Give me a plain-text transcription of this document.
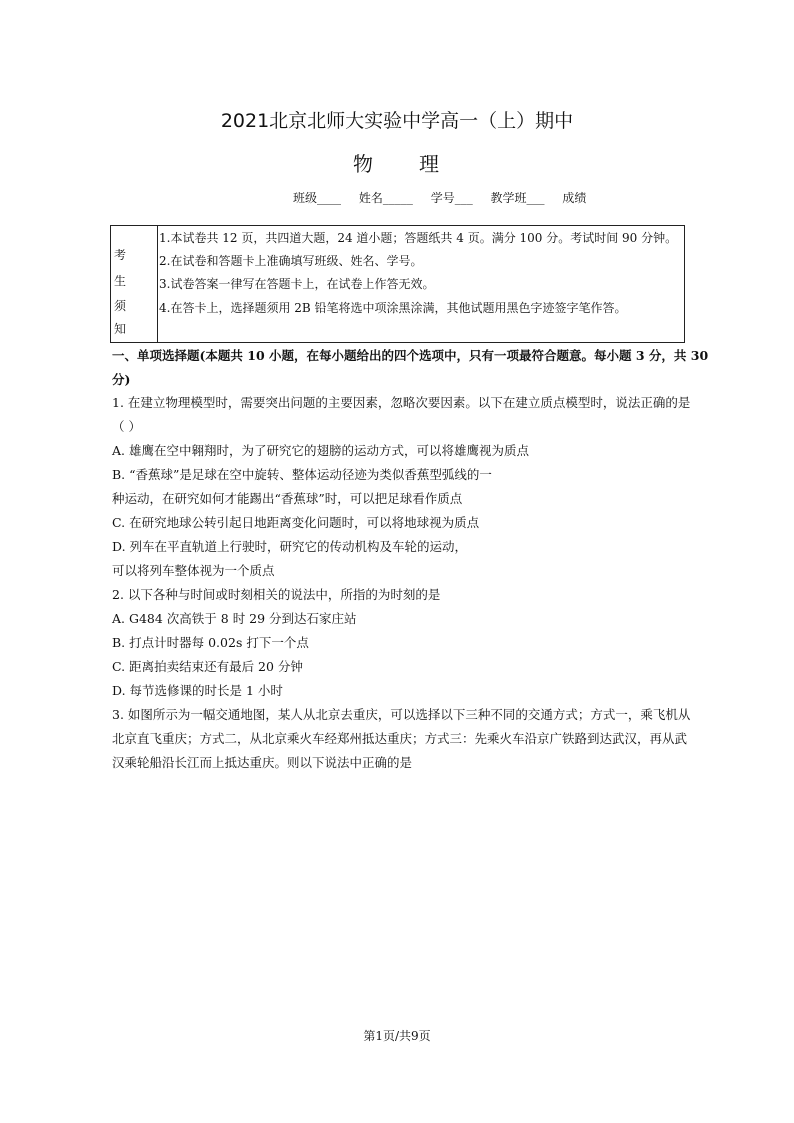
2021北京北师大实验中学高一（上）期中
物 理
班级____ 姓名_____ 学号___ 教学班___ 成绩
考
生
须
知
1.本试卷共 12 页，共四道大题，24 道小题；答题纸共 4 页。满分 100 分。考试时间 90 分钟。
2.在试卷和答题卡上准确填写班级、姓名、学号。
3.试卷答案一律写在答题卡上，在试卷上作答无效。
4.在答卡上，选择题须用 2B 铅笔将选中项涂黑涂满，其他试题用黑色字迹签字笔作答。
一、单项选择题(本题共 10 小题，在每小题给出的四个选项中，只有一项最符合题意。每小题 3 分，共 30
分)
1. 在建立物理模型时，需要突出问题的主要因素，忽略次要因素。以下在建立质点模型时，说法正确的是
（ ）
A. 雄鹰在空中翱翔时，为了研究它的翅膀的运动方式，可以将雄鹰视为质点
B. “香蕉球”是足球在空中旋转、整体运动径迹为类似香蕉型弧线的一
种运动，在研究如何才能踢出“香蕉球”时，可以把足球看作质点
C. 在研究地球公转引起日地距离变化问题时，可以将地球视为质点
D. 列车在平直轨道上行驶时，研究它的传动机构及车轮的运动，
可以将列车整体视为一个质点
2. 以下各种与时间或时刻相关的说法中，所指的为时刻的是
A. G484 次高铁于 8 时 29 分到达石家庄站
B. 打点计时器每 0.02s 打下一个点
C. 距离拍卖结束还有最后 20 分钟
D. 每节选修课的时长是 1 小时
3. 如图所示为一幅交通地图，某人从北京去重庆，可以选择以下三种不同的交通方式；方式一，乘飞机从
北京直飞重庆；方式二，从北京乘火车经郑州抵达重庆；方式三：先乘火车沿京广铁路到达武汉，再从武
汉乘轮船沿长江而上抵达重庆。则以下说法中正确的是
第1页/共9页
